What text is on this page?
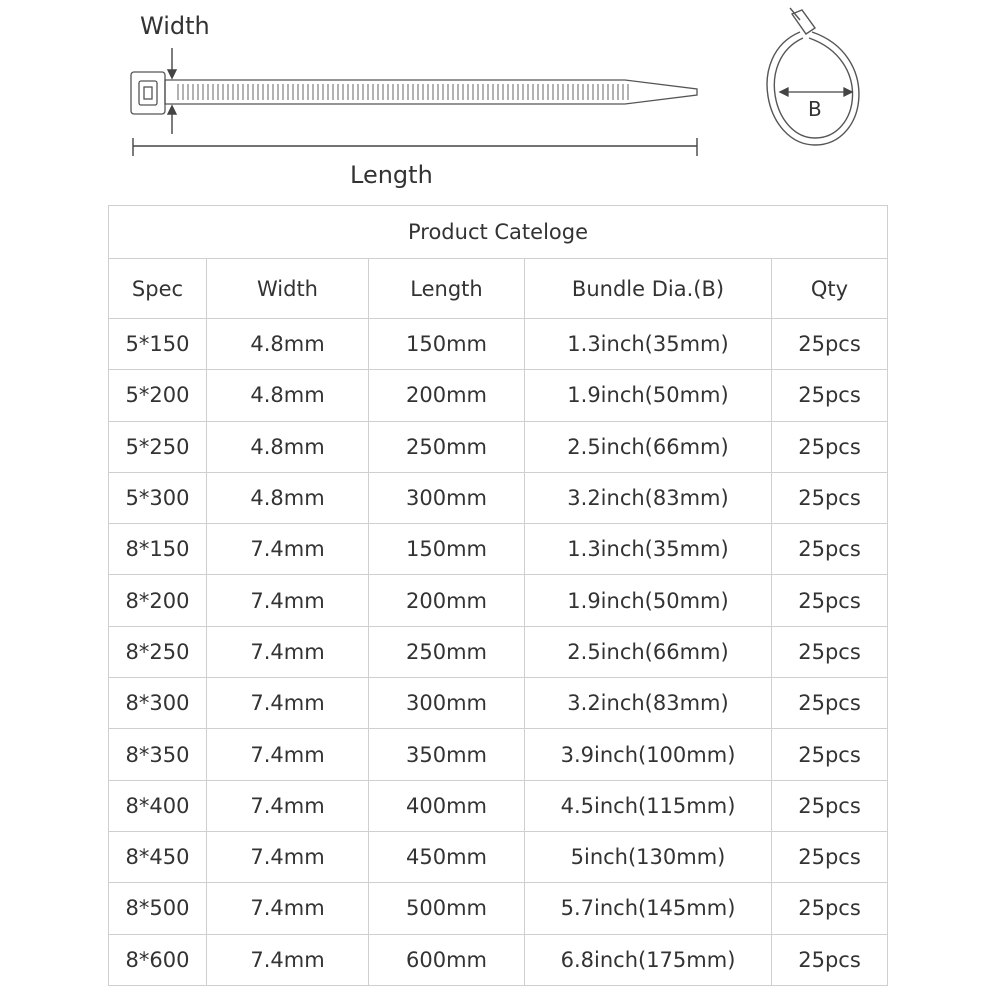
Width
Length
B
Product Cateloge				
Spec	Width	Length	Bundle Dia.(B)	Qty
5*150	4.8mm	150mm	1.3inch(35mm)	25pcs
5*200	4.8mm	200mm	1.9inch(50mm)	25pcs
5*250	4.8mm	250mm	2.5inch(66mm)	25pcs
5*300	4.8mm	300mm	3.2inch(83mm)	25pcs
8*150	7.4mm	150mm	1.3inch(35mm)	25pcs
8*200	7.4mm	200mm	1.9inch(50mm)	25pcs
8*250	7.4mm	250mm	2.5inch(66mm)	25pcs
8*300	7.4mm	300mm	3.2inch(83mm)	25pcs
8*350	7.4mm	350mm	3.9inch(100mm)	25pcs
8*400	7.4mm	400mm	4.5inch(115mm)	25pcs
8*450	7.4mm	450mm	5inch(130mm)	25pcs
8*500	7.4mm	500mm	5.7inch(145mm)	25pcs
8*600	7.4mm	600mm	6.8inch(175mm)	25pcs
